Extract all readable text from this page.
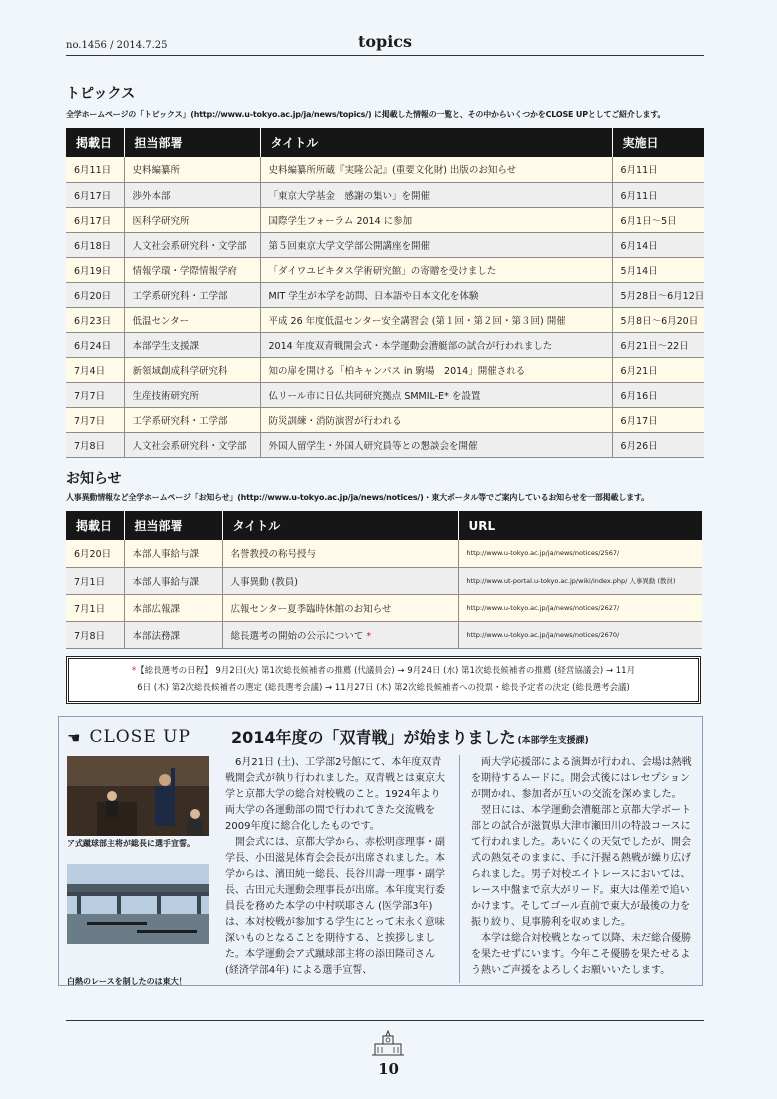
no.1456 / 2014.7.25	topics
トピックス
全学ホームページの「トピックス」(http://www.u-tokyo.ac.jp/ja/news/topics/) に掲載した情報の一覧と、その中からいくつかをCLOSE UPとしてご紹介します。
掲載日	担当部署	タイトル	実施日
6月11日	史料編纂所	史料編纂所所蔵『実隆公記』(重要文化財) 出版のお知らせ	6月11日
6月17日	渉外本部	「東京大学基金　感謝の集い」を開催	6月11日
6月17日	医科学研究所	国際学生フォーラム 2014 に参加	6月1日〜5日
6月18日	人文社会系研究科・文学部	第５回東京大学文学部公開講座を開催	6月14日
6月19日	情報学環・学際情報学府	「ダイワユビキタス学術研究館」の寄贈を受けました	5月14日
6月20日	工学系研究科・工学部	MIT 学生が本学を訪問、日本語や日本文化を体験	5月28日〜6月12日
6月23日	低温センター	平成 26 年度低温センター安全講習会 (第１回・第２回・第３回) 開催	5月8日〜6月20日
6月24日	本部学生支援課	2014 年度双青戦開会式・本学運動会漕艇部の試合が行われました	6月21日〜22日
7月4日	新領域創成科学研究科	知の扉を開ける「柏キャンパス in 駒場　2014」開催される	6月21日
7月7日	生産技術研究所	仏リール市に日仏共同研究拠点 SMMIL-E* を設置	6月16日
7月7日	工学系研究科・工学部	防災訓練・消防演習が行われる	6月17日
7月8日	人文社会系研究科・文学部	外国人留学生・外国人研究員等との懇談会を開催	6月26日
お知らせ
人事異動情報など全学ホームページ「お知らせ」(http://www.u-tokyo.ac.jp/ja/news/notices/)・東大ポータル等でご案内しているお知らせを一部掲載します。
掲載日	担当部署	タイトル	URL
6月20日	本部人事給与課	名誉教授の称号授与	http://www.u-tokyo.ac.jp/ja/news/notices/2567/
7月1日	本部人事給与課	人事異動 (教員)	http://www.ut-portal.u-tokyo.ac.jp/wiki/index.php/ 人事異動 (教員)
7月1日	本部広報課	広報センター夏季臨時休館のお知らせ	http://www.u-tokyo.ac.jp/ja/news/notices/2627/
7月8日	本部法務課	総長選考の開始の公示について *	http://www.u-tokyo.ac.jp/ja/news/notices/2670/
*【総長選考の日程】 9月2日(火) 第1次総長候補者の推薦 (代議員会) → 9月24日 (水) 第1次総長候補者の推薦 (経営協議会) → 11月
6日 (木) 第2次総長候補者の選定 (総長選考会議) → 11月27日 (木) 第2次総長候補者への投票・総長予定者の決定 (総長選考会議)
☚ CLOSE UP	2014年度の「双青戦」が始まりました (本部学生支援課)
ア式蹴球部主将が総長に選手宣誓。
白熱のレースを制したのは東大！

6月21日 (土)、工学部2号館にて、本年度双青戦開会式が執り行われました。双青戦とは東京大学と京都大学の総合対校戦のこと。1924年より両大学の各運動部の間で行われてきた交流戦を2009年度に総合化したものです。

開会式には、京都大学から、赤松明彦理事・副学長、小田滋晃体育会会長が出席されました。本学からは、濱田純一総長、長谷川壽一理事・副学長、古田元夫運動会理事長が出席。本年度実行委員長を務めた本学の中村咲耶さん (医学部3年) は、本対校戦が参加する学生にとって末永く意味深いものとなることを期待する、と挨拶しました。本学運動会ア式蹴球部主将の添田隆司さん (経済学部4年) による選手宣誓、

両大学応援部による演舞が行われ、会場は熱戦を期待するムードに。開会式後にはレセプションが開かれ、参加者が互いの交流を深めました。

翌日には、本学運動会漕艇部と京都大学ボート部との試合が滋賀県大津市瀬田川の特設コースにて行われました。あいにくの天気でしたが、開会式の熱気そのままに、手に汗握る熱戦が繰り広げられました。男子対校エイトレースにおいては、レース中盤まで京大がリード。東大は僅差で追いかけます。そしてゴール直前で東大が最後の力を振り絞り、見事勝利を収めました。

本学は総合対校戦となって以降、未だ総合優勝を果たせずにいます。今年こそ優勝を果たせるよう熱いご声援をよろしくお願いいたします。

10
